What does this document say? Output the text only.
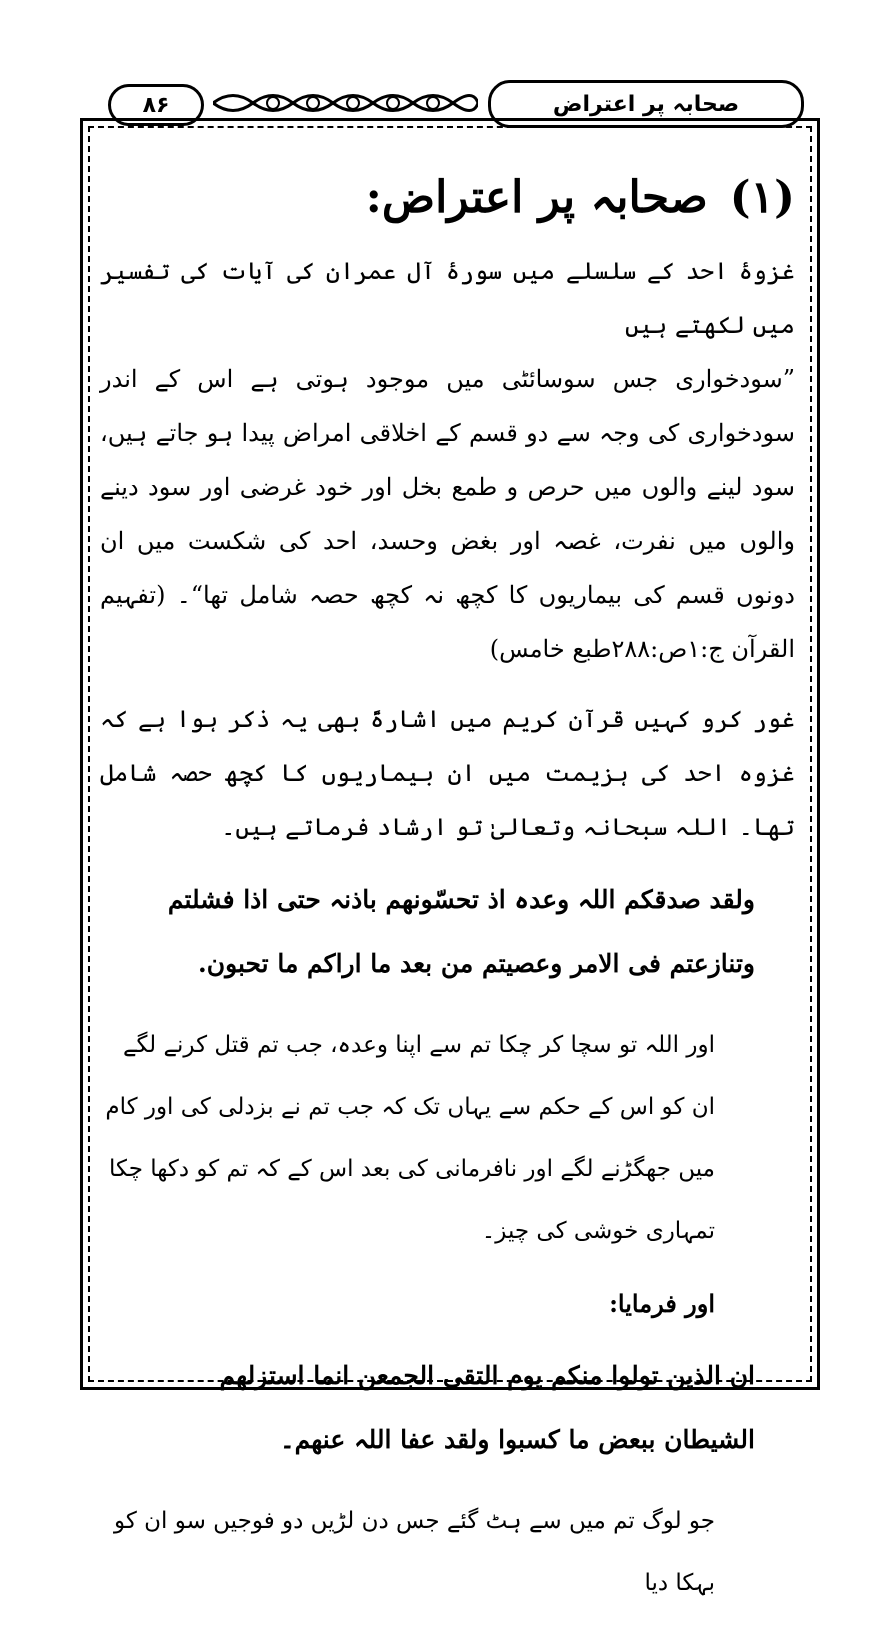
۸۶	صحابہ پر اعتراض
(۱)صحابہ پر اعتراض:

غزوۂ احد کے سلسلے میں سورۂ آل عمران کی آیات کی تفسیر میں لکھتے ہیں

”سودخواری جس سوسائٹی میں موجود ہوتی ہے اس کے اندر سودخواری کی وجہ سے دو قسم کے اخلاقی امراض پیدا ہو جاتے ہیں، سود لینے والوں میں حرص و طمع بخل اور خود غرضی اور سود دینے والوں میں نفرت، غصہ اور بغض وحسد، احد کی شکست میں ان دونوں قسم کی بیماریوں کا کچھ نہ کچھ حصہ شامل تھا“۔ (تفہیم القرآن ج:۱ص:۲۸۸طبع خامس)

غور کرو کہیں قرآن کریم میں اشارۃً بھی یہ ذکر ہوا ہے کہ غزوہ احد کی ہزیمت میں ان بیماریوں کا کچھ حصہ شامل تھا۔ اللہ سبحانہ وتعالیٰ تو ارشاد فرماتے ہیں۔

ولقد صدقکم اللہ وعدہ اذ تحسّونھم باذنہ حتی اذا فشلتم
وتنازعتم فی الامر وعصیتم من بعد ما اراکم ما تحبون.

اور اللہ تو سچا کر چکا تم سے اپنا وعدہ، جب تم قتل کرنے لگے ان کو اس کے حکم سے یہاں تک کہ جب تم نے بزدلی کی اور کام میں جھگڑنے لگے اور نافرمانی کی بعد اس کے کہ تم کو دکھا چکا تمہاری خوشی کی چیز۔

اور فرمایا:

ان الذین تولوا منکم یوم التقی الجمعن انما استزلھم
الشیطان ببعض ما کسبوا ولقد عفا اللہ عنھم۔

جو لوگ تم میں سے ہٹ گئے جس دن لڑیں دو فوجیں سو ان کو بہکا دیا
